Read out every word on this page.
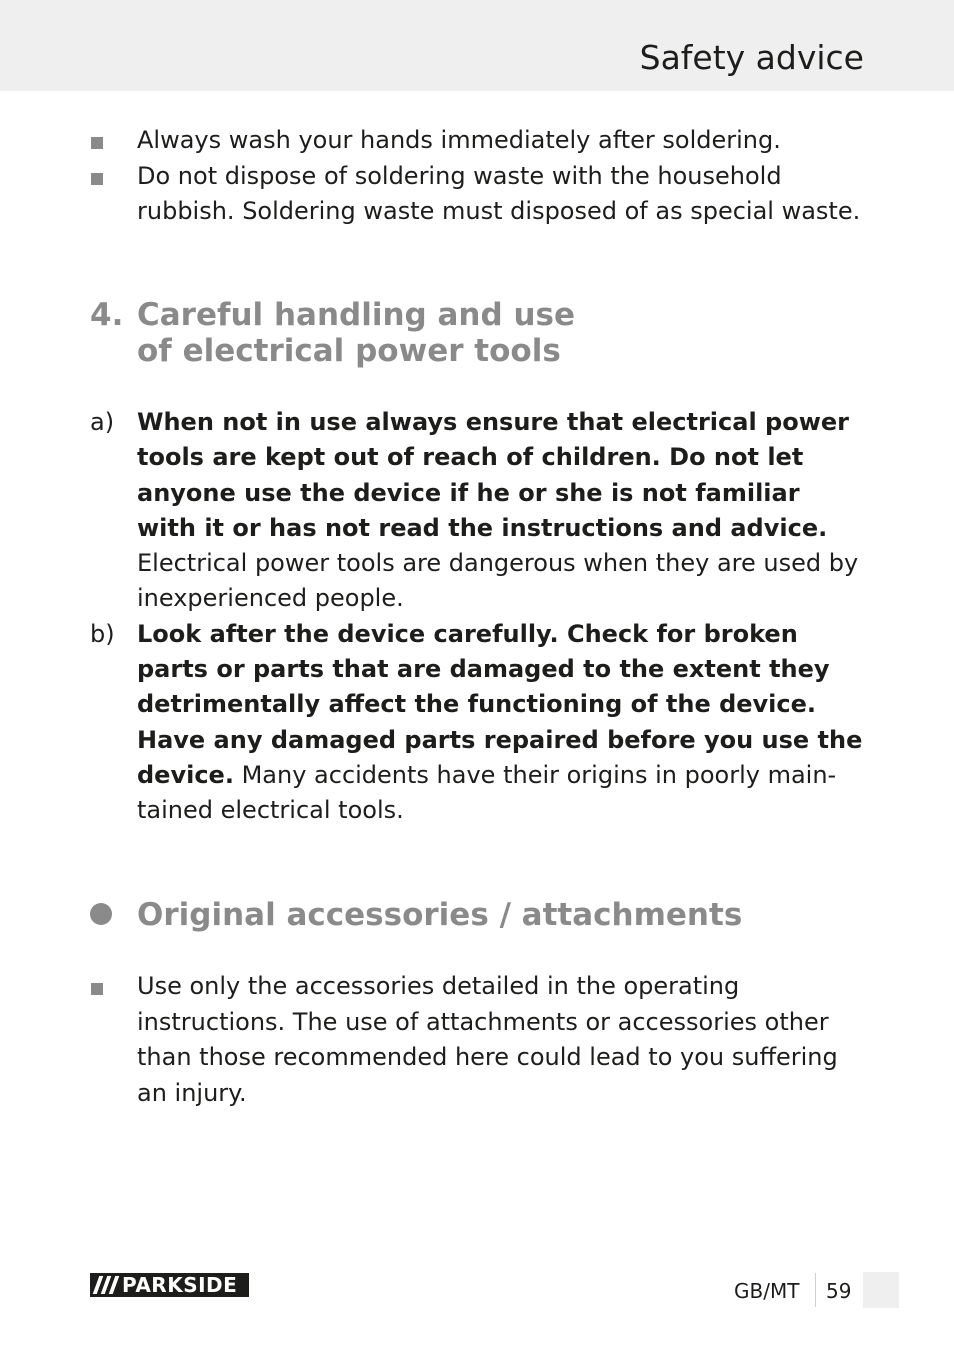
Safety advice
Always wash your hands immediately after soldering.
Do not dispose of soldering waste with the household rubbish. Soldering waste must disposed of as special waste.
4. Careful handling and use
of electrical power tools
a) When not in use always ensure that electrical power tools are kept out of reach of children. Do not let anyone use the device if he or she is not familiar with it or has not read the instructions and advice. Electrical power tools are dangerous when they are used by inexperienced people.
b) Look after the device carefully. Check for broken parts or parts that are damaged to the extent they detrimentally affect the functioning of the device. Have any damaged parts repaired before you use the device. Many accidents have their origins in poorly maintained electrical tools.
Original accessories / attachments
Use only the accessories detailed in the operating instructions. The use of attachments or accessories other than those recommended here could lead to you suffering an injury.
PARKSIDE	GB/MT 59
